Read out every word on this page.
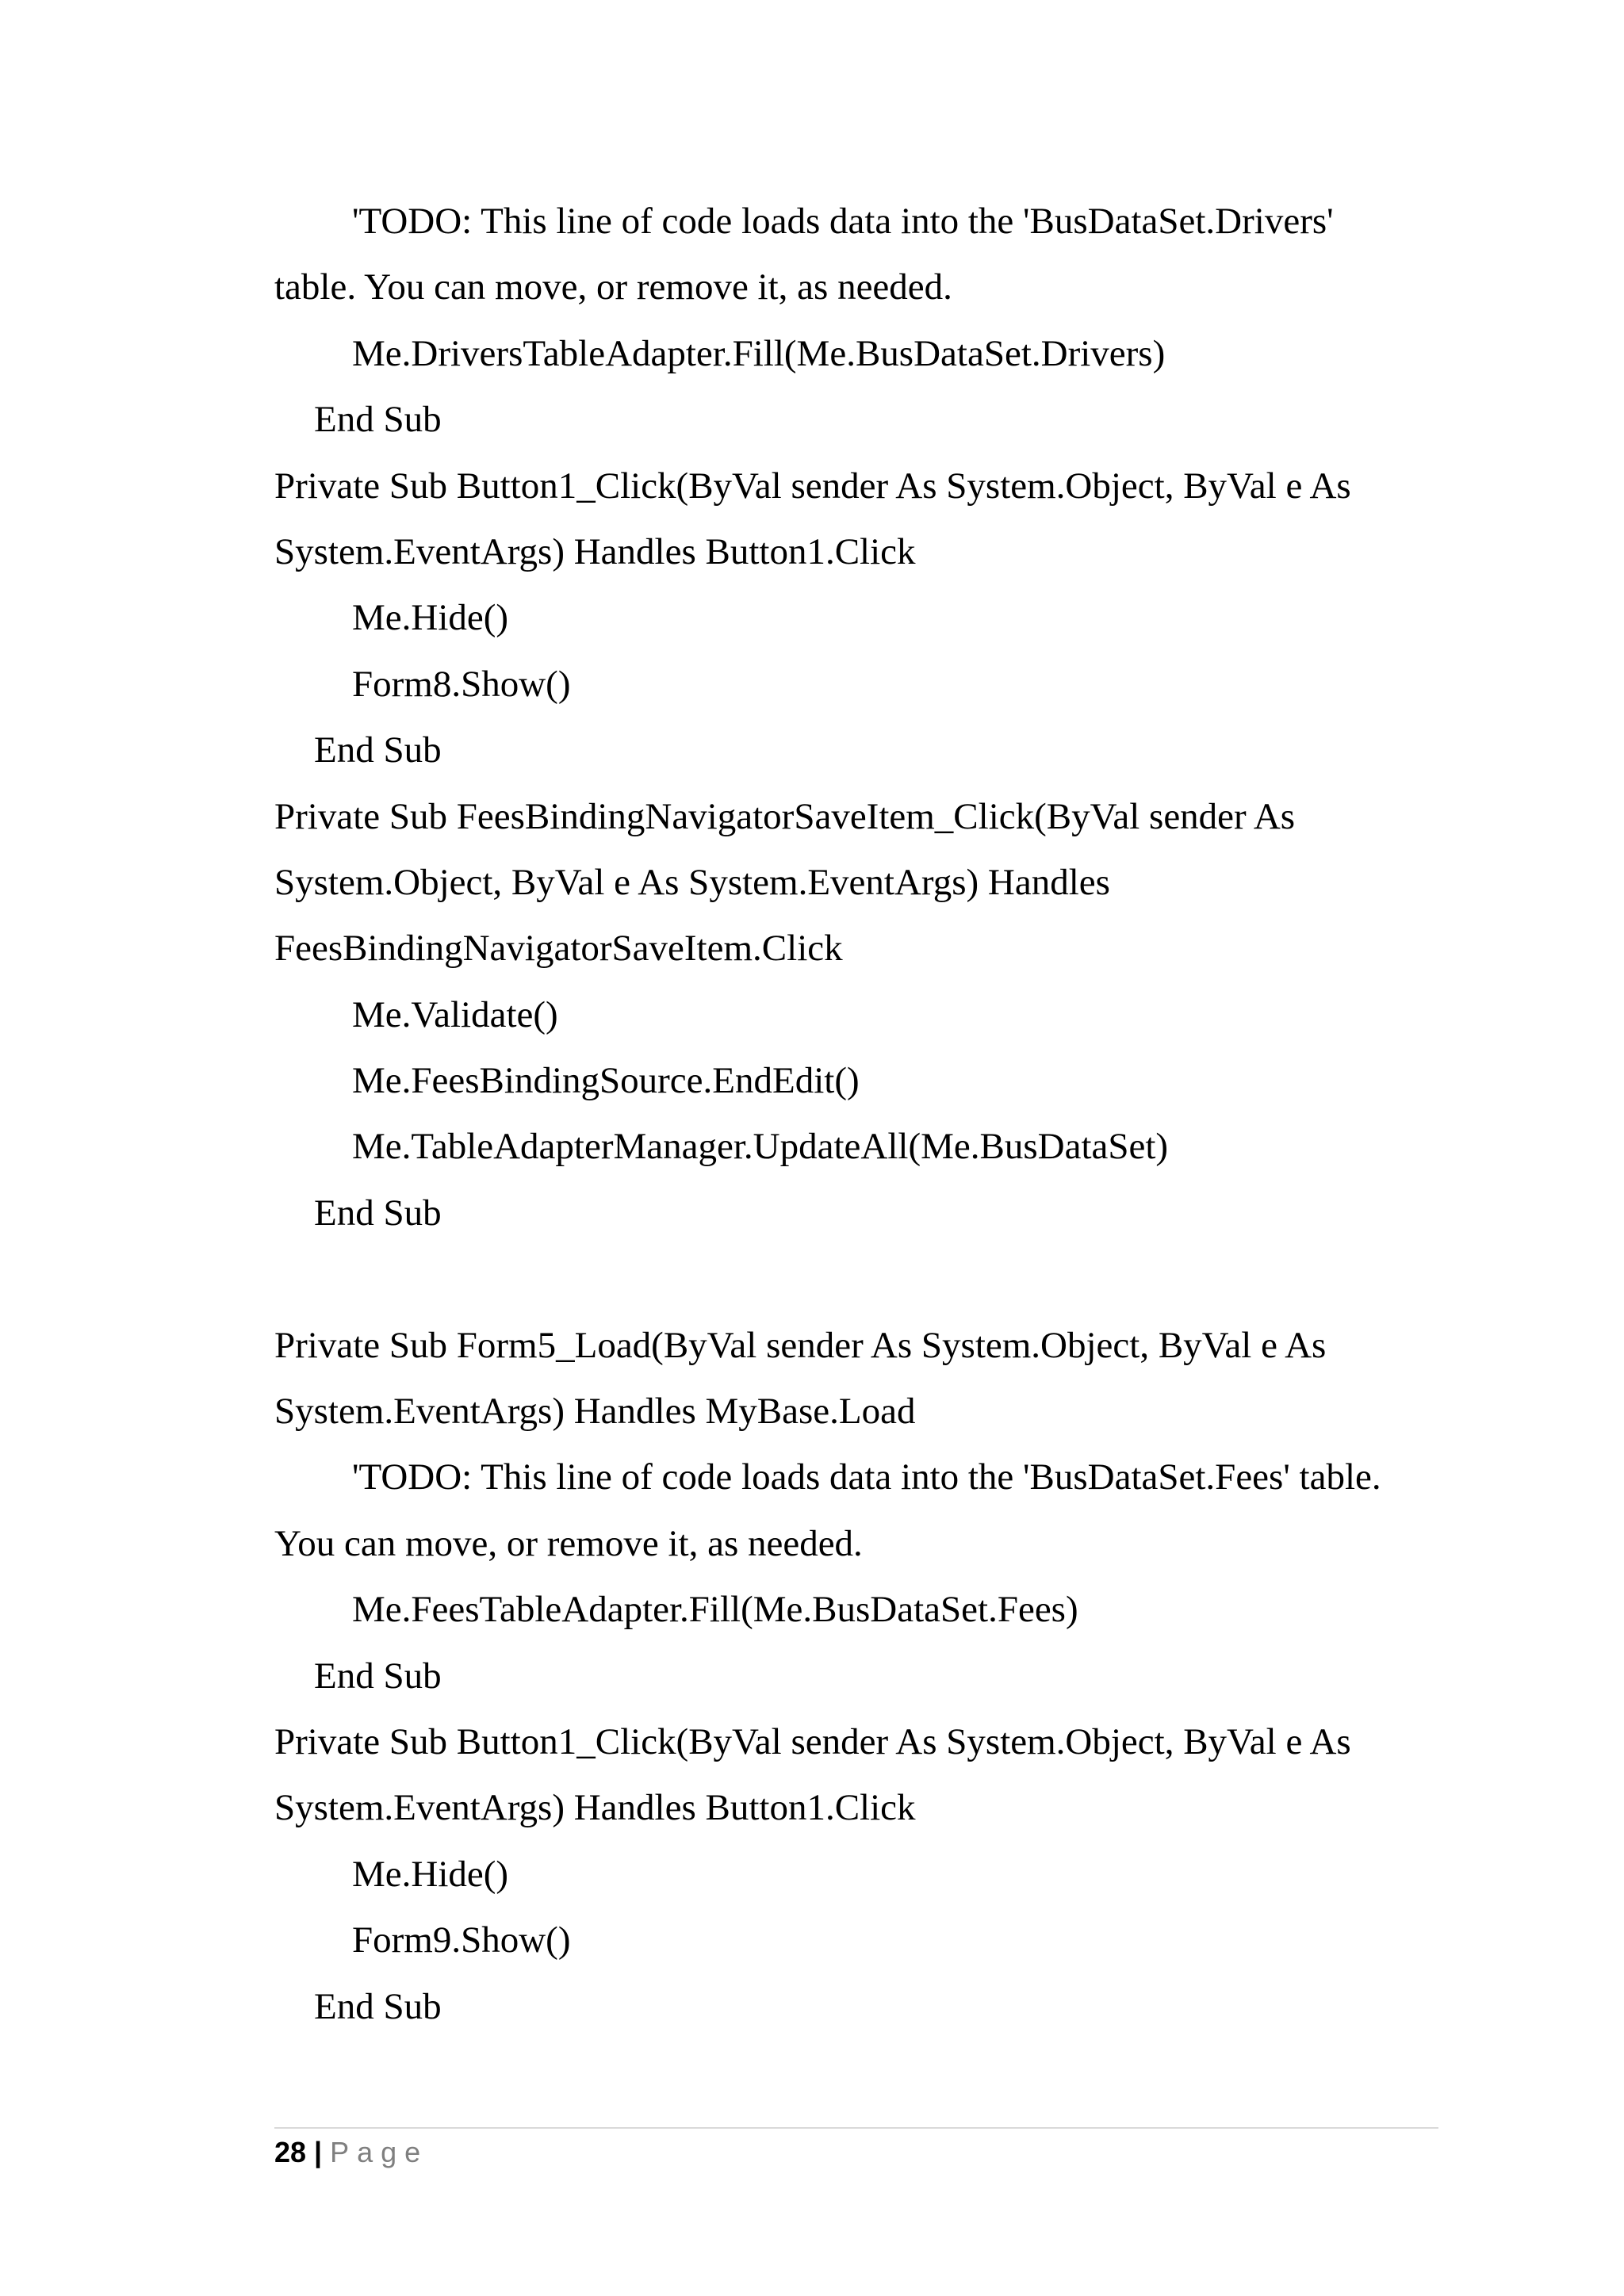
'TODO: This line of code loads data into the 'BusDataSet.Drivers'
table. You can move, or remove it, as needed.
Me.DriversTableAdapter.Fill(Me.BusDataSet.Drivers)
End Sub
Private Sub Button1_Click(ByVal sender As System.Object, ByVal e As
System.EventArgs) Handles Button1.Click
Me.Hide()
Form8.Show()
End Sub
Private Sub FeesBindingNavigatorSaveItem_Click(ByVal sender As
System.Object, ByVal e As System.EventArgs) Handles
FeesBindingNavigatorSaveItem.Click
Me.Validate()
Me.FeesBindingSource.EndEdit()
Me.TableAdapterManager.UpdateAll(Me.BusDataSet)
End Sub
Private Sub Form5_Load(ByVal sender As System.Object, ByVal e As
System.EventArgs) Handles MyBase.Load
'TODO: This line of code loads data into the 'BusDataSet.Fees' table.
You can move, or remove it, as needed.
Me.FeesTableAdapter.Fill(Me.BusDataSet.Fees)
End Sub
Private Sub Button1_Click(ByVal sender As System.Object, ByVal e As
System.EventArgs) Handles Button1.Click
Me.Hide()
Form9.Show()
End Sub
28 | Page
